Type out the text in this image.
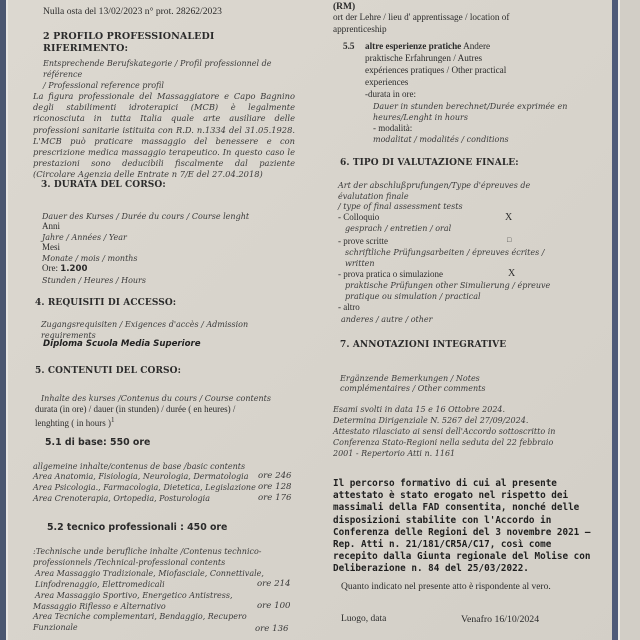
Nulla osta del 13/02/2023 n° prot. 28262/2023
2 PROFILO PROFESSIONALEDI
RIFERIMENTO:
Entsprechende Berufskategorie / Profil professionnel de
référence
/ Professional reference profil
La figura professionale del Massaggiatore e Capo Bagnino degli stabilimenti idroterapici (MCB) è legalmente riconosciuta in tutta Italia quale arte ausiliare delle professioni sanitarie istituita con R.D. n.1334 del 31.05.1928. L'MCB può praticare massaggio del benessere e con prescrizione medica massaggio terapeutico. In questo caso le prestazioni sono deducibili fiscalmente dal paziente (Circolare Agenzia delle Entrate n 7/E del 27.04.2018)
3. DURATA DEL CORSO:
Dauer des Kurses / Durée du cours / Course lenght
Anni
Jahre / Années / Year
Mesi
Monate / mois / months
Ore: 1.200
Stunden / Heures / Hours
4. REQUISITI DI ACCESSO:
Zugangsrequisiten / Exigences d'accès / Admission
requirements
Diploma Scuola Media Superiore
5. CONTENUTI DEL CORSO:
Inhalte des kurses /Contenus du cours / Course contents
durata (in ore) / dauer (in stunden) / durée ( en heures) /
lenghting ( in hours )$^1$
5.1 di base: 550 ore
allgemeine inhalte/contenus de base /basic contents
Area Anatomia, Fisiologia, Neurologia, Dermatologia ore 246
Area Psicologia., Farmacologia, Dietetica, Legislazione ore 128
Area Crenoterapia, Ortopedia, Posturologia	ore 176
5.2 tecnico professionali : 450 ore
:Technische unde berufliche inhalte /Contenus technico-
professionnels /Technical-professional contents
Area Massaggio Tradizionale, Miofasciale, Connettivale,
Linfodrenaggio, Elettromedicali	ore 214
Area Massaggio Sportivo, Energetico Antistress,
Massaggio Riflesso e Alternativo	ore 100
Area Tecniche complementari, Bendaggio, Recupero
Funzionale	ore 136
(RM)
ort der Lehre / lieu d' apprentissage / location of
apprenticeship
5.5 altre esperienze pratiche Andere
praktische Erfahrungen / Autres
expériences pratiques / Other practical
experiences
-durata in ore:
Dauer in stunden berechnet/Durée exprimée en
heures/Lenght in hours
- modalità:
modalitat / modalités / conditions
6. TIPO DI VALUTAZIONE FINALE:
Art der abschlußprufungen/Type d'épreuves de
évalutation finale
/ type of final assessment tests
- Colloquio	X
gesprach / entretien / oral
- prove scritte	□
schriftliche Prüfungsarbeiten / épreuves écrites /
written
- prova pratica o simulazione	X
praktische Prüfungen other Simulierung / épreuve
pratique ou simulation / practical
- altro
anderes / autre / other
7. ANNOTAZIONI INTEGRATIVE
Ergänzende Bemerkungen / Notes
complémentaires / Other comments
Esami svolti in data 15 e 16 Ottobre 2024.
Determina Dirigenziale N. 5267 del 27/09/2024.
Attestato rilasciato ai sensi dell'Accordo sottoscritto in
Conferenza Stato-Regioni nella seduta del 22 febbraio
2001 - Repertorio Atti n. 1161
Il percorso formativo di cui al presente attestato è stato erogato nel rispetto dei massimali della FAD consentita, nonché delle disposizioni stabilite con l'Accordo in Conferenza delle Regioni del 3 novembre 2021 – Rep. Atti n. 21/181/CR5A/C17, così come recepito dalla Giunta regionale del Molise con Deliberazione n. 84 del 25/03/2022.
Quanto indicato nel presente atto è rispondente al vero.
Luogo, data	Venafro 16/10/2024
